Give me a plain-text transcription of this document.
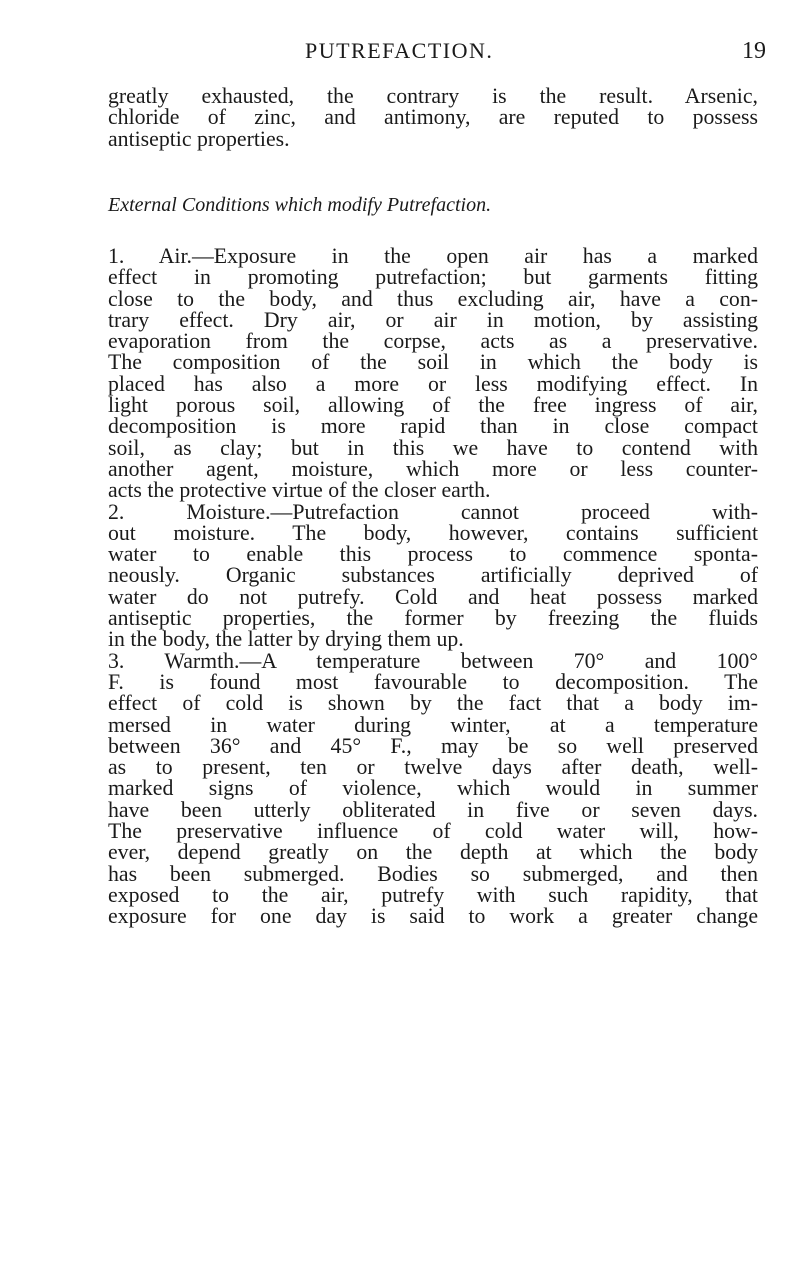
PUTREFACTION.	19
greatly exhausted, the contrary is the result. Arsenic,
chloride of zinc, and antimony, are reputed to possess
antiseptic properties.
External Conditions which modify Putrefaction.
1. Air.—Exposure in the open air has a marked
effect in promoting putrefaction; but garments fitting
close to the body, and thus excluding air, have a con-
trary effect. Dry air, or air in motion, by assisting
evaporation from the corpse, acts as a preservative.
The composition of the soil in which the body is
placed has also a more or less modifying effect. In
light porous soil, allowing of the free ingress of air,
decomposition is more rapid than in close compact
soil, as clay; but in this we have to contend with
another agent, moisture, which more or less counter-
acts the protective virtue of the closer earth.
2. Moisture.—Putrefaction cannot proceed with-
out moisture. The body, however, contains sufficient
water to enable this process to commence sponta-
neously. Organic substances artificially deprived of
water do not putrefy. Cold and heat possess marked
antiseptic properties, the former by freezing the fluids
in the body, the latter by drying them up.
3. Warmth.—A temperature between 70° and 100°
F. is found most favourable to decomposition. The
effect of cold is shown by the fact that a body im-
mersed in water during winter, at a temperature
between 36° and 45° F., may be so well preserved
as to present, ten or twelve days after death, well-
marked signs of violence, which would in summer
have been utterly obliterated in five or seven days.
The preservative influence of cold water will, how-
ever, depend greatly on the depth at which the body
has been submerged. Bodies so submerged, and then
exposed to the air, putrefy with such rapidity, that
exposure for one day is said to work a greater change
